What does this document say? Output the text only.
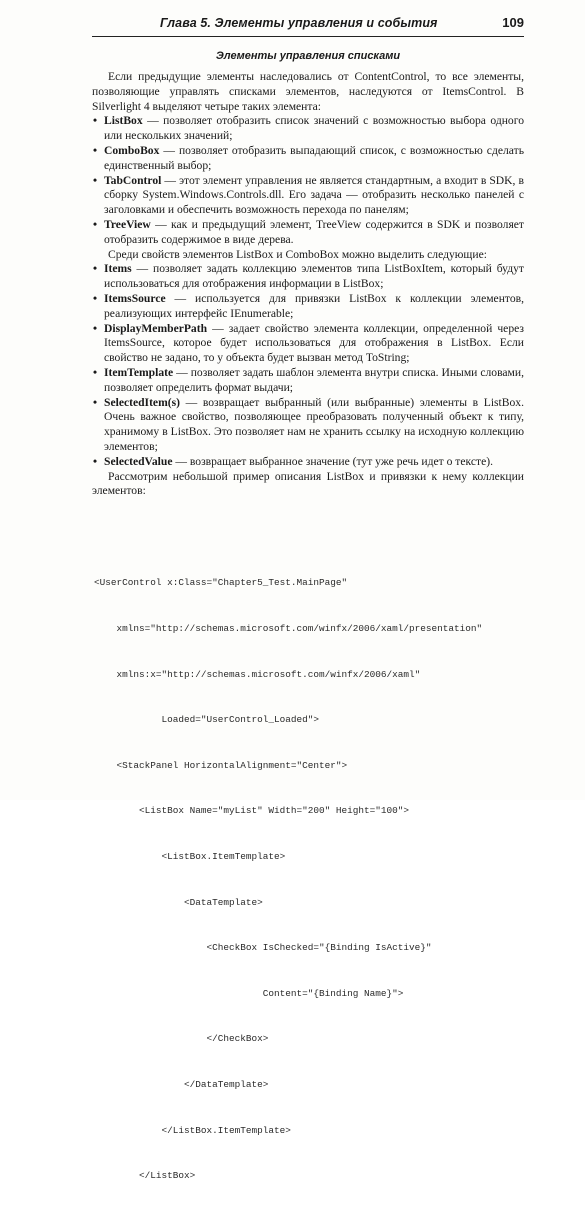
Глава 5. Элементы управления и события	109
Элементы управления списками

Если предыдущие элементы наследовались от ContentControl, то все элементы, позволяющие управлять списками элементов, наследуются от ItemsControl. В Silverlight 4 выделяют четыре таких элемента:

• ListBox — позволяет отобразить список значений с возможностью выбора одного или нескольких значений;
• ComboBox — позволяет отобразить выпадающий список, с возможностью сделать единственный выбор;
• TabControl — этот элемент управления не является стандартным, а входит в SDK, в сборку System.Windows.Controls.dll. Его задача — отобразить несколько панелей с заголовками и обеспечить возможность перехода по панелям;
• TreeView — как и предыдущий элемент, TreeView содержится в SDK и позволяет отобразить содержимое в виде дерева.

Среди свойств элементов ListBox и ComboBox можно выделить следующие:

• Items — позволяет задать коллекцию элементов типа ListBoxItem, который будут использоваться для отображения информации в ListBox;
• ItemsSource — используется для привязки ListBox к коллекции элементов, реализующих интерфейс IEnumerable;
• DisplayMemberPath — задает свойство элемента коллекции, определенной через ItemsSource, которое будет использоваться для отображения в ListBox. Если свойство не задано, то у объекта будет вызван метод ToString;
• ItemTemplate — позволяет задать шаблон элемента внутри списка. Иными словами, позволяет определить формат выдачи;
• SelectedItem(s) — возвращает выбранный (или выбранные) элементы в ListBox. Очень важное свойство, позволяющее преобразовать полученный объект к типу, хранимому в ListBox. Это позволяет нам не хранить ссылку на исходную коллекцию элементов;
• SelectedValue — возвращает выбранное значение (тут уже речь идет о тексте).

Рассмотрим небольшой пример описания ListBox и привязки к нему коллекции элементов:

<UserControl x:Class="Chapter5_Test.MainPage"

xmlns="http://schemas.microsoft.com/winfx/2006/xaml/presentation"

xmlns:x="http://schemas.microsoft.com/winfx/2006/xaml"

Loaded="UserControl_Loaded">

<StackPanel HorizontalAlignment="Center">

<ListBox Name="myList" Width="200" Height="100">

<ListBox.ItemTemplate>

<DataTemplate>

<CheckBox IsChecked="{Binding IsActive}"

Content="{Binding Name}">

</CheckBox>

</DataTemplate>

</ListBox.ItemTemplate>

</ListBox>
